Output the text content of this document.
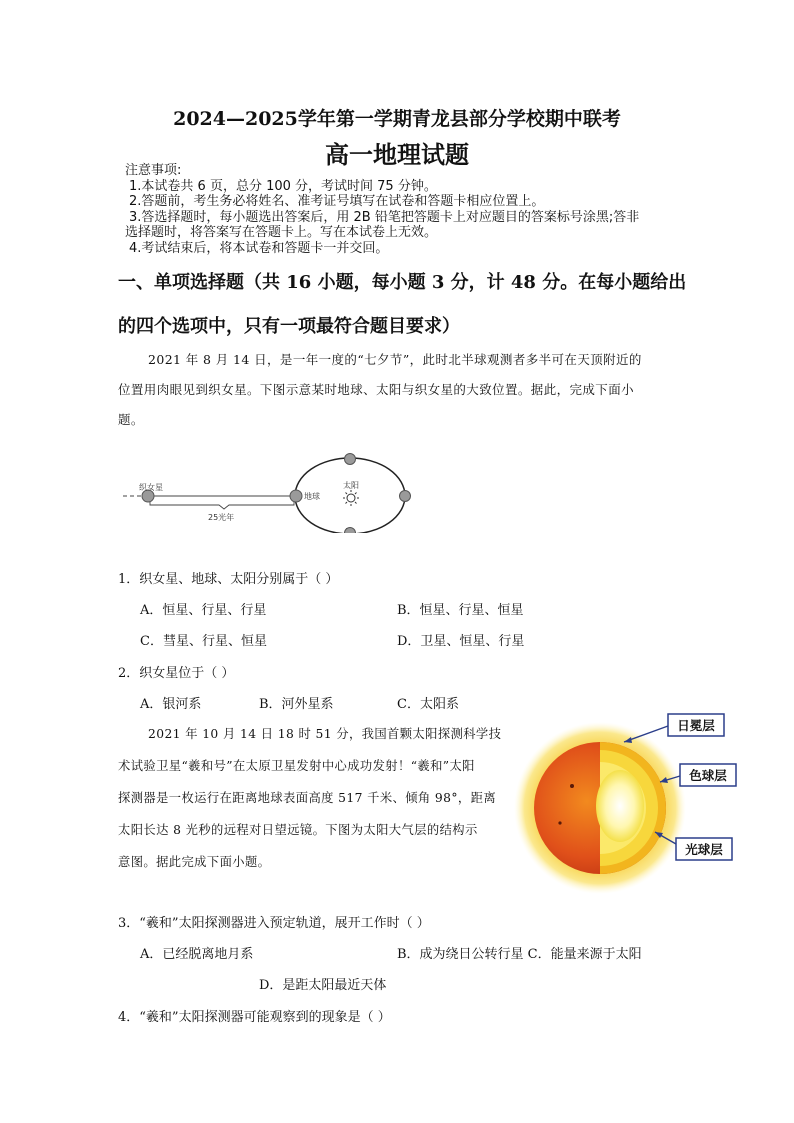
2024—2025学年第一学期青龙县部分学校期中联考
高一地理试题
注意事项:
1.本试卷共 6 页，总分 100 分，考试时间 75 分钟。
2.答题前，考生务必将姓名、准考证号填写在试卷和答题卡相应位置上。
3.答选择题时，每小题选出答案后，用 2B 铅笔把答题卡上对应题目的答案标号涂黑;答非
选择题时，将答案写在答题卡上。写在本试卷上无效。
4.考试结束后，将本试卷和答题卡一并交回。
一、单项选择题（共 16 小题，每小题 3 分，计 48 分。在每小题给出
的四个选项中，只有一项最符合题目要求）
2021 年 8 月 14 日，是一年一度的“七夕节”，此时北半球观测者多半可在天顶附近的
位置用肉眼见到织女星。下图示意某时地球、太阳与织女星的大致位置。据此，完成下面小
题。
织女星
地球
太阳
25光年
1．织女星、地球、太阳分别属于（ ）
A．恒星、行星、行星	B．恒星、行星、恒星
C．彗星、行星、恒星	D．卫星、恒星、行星
2．织女星位于（ ）
A．银河系	B．河外星系	C．太阳系
2021 年 10 月 14 日 18 时 51 分，我国首颗太阳探测科学技
术试验卫星“羲和号”在太原卫星发射中心成功发射！“羲和”太阳
探测器是一枚运行在距离地球表面高度 517 千米、倾角 98°，距离
太阳长达 8 光秒的远程对日望远镜。下图为太阳大气层的结构示
意图。据此完成下面小题。
日冕层
色球层
光球层
3．“羲和”太阳探测器进入预定轨道，展开工作时（ ）
A．已经脱离地月系	B．成为绕日公转行星 C．能量来源于太阳
D．是距太阳最近天体
4．“羲和”太阳探测器可能观察到的现象是（ ）
